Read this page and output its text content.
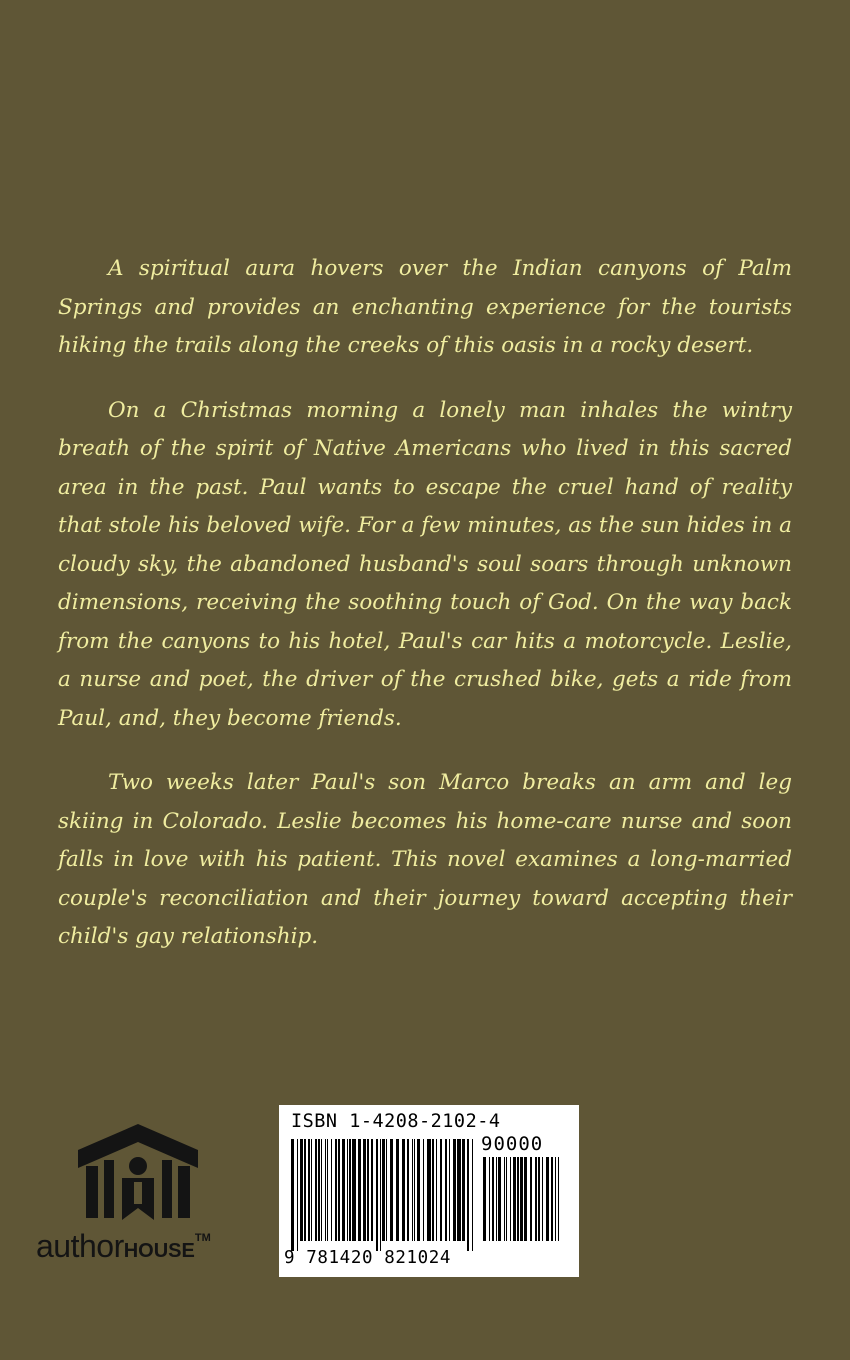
A spiritual aura hovers over the Indian canyons of Palm Springs and provides an enchanting experience for the tourists hiking the trails along the creeks of this oasis in a rocky desert.

On a Christmas morning a lonely man inhales the wintry breath of the spirit of Native Americans who lived in this sacred area in the past. Paul wants to escape the cruel hand of reality that stole his beloved wife. For a few minutes, as the sun hides in a cloudy sky, the abandoned husband's soul soars through unknown dimensions, receiving the soothing touch of God. On the way back from the canyons to his hotel, Paul's car hits a motorcycle. Leslie, a nurse and poet, the driver of the crushed bike, gets a ride from Paul, and, they become friends.

Two weeks later Paul's son Marco breaks an arm and leg skiing in Colorado. Leslie becomes his home-care nurse and soon falls in love with his patient. This novel examines a long-married couple's reconciliation and their journey toward accepting their child's gay relationship.

authorHOUSE™
ISBN 1-4208-2102-4
90000
9 781420 821024
